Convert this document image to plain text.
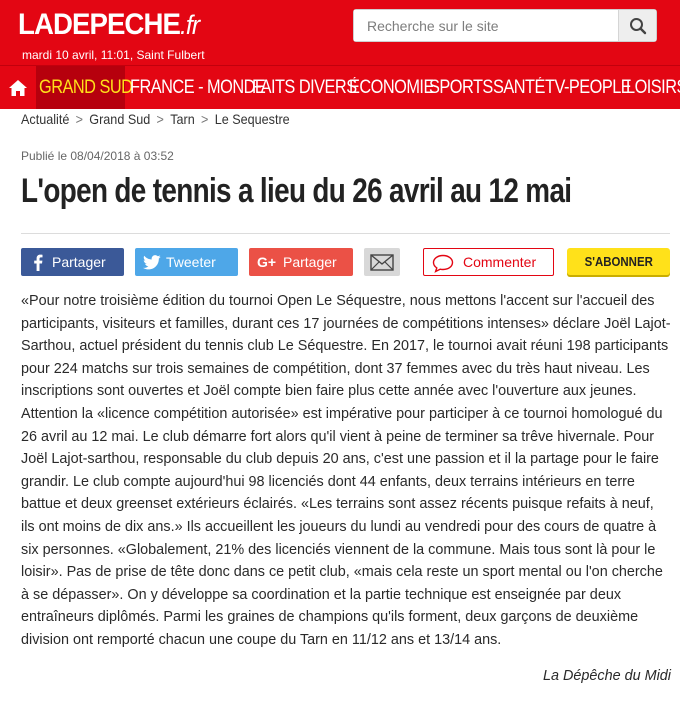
LADEPECHE.fr
mardi 10 avril, 11:01, Saint Fulbert
Recherche sur le site
GRAND SUD
FRANCE - MONDE
FAITS DIVERS
ÉCONOMIE
SPORTS SANTÉ TV-PEOPLE
LOISIRS
Actualité > Grand Sud > Tarn > Le Sequestre
Publié le 08/04/2018 à 03:52
L'open de tennis a lieu du 26 avril au 12 mai
Partager	Tweeter	G+ Partager	Commenter	S'ABONNER

«Pour notre troisième édition du tournoi Open Le Séquestre, nous mettons l'accent sur l'accueil des participants, visiteurs et familles, durant ces 17 journées de compétitions intenses» déclare Joël Lajot-Sarthou, actuel président du tennis club Le Séquestre. En 2017, le tournoi avait réuni 198 participants pour 224 matchs sur trois semaines de compétition, dont 37 femmes avec du très haut niveau. Les inscriptions sont ouvertes et Joël compte bien faire plus cette année avec l'ouverture aux jeunes. Attention la «licence compétition autorisée» est impérative pour participer à ce tournoi homologué du 26 avril au 12 mai. Le club démarre fort alors qu'il vient à peine de terminer sa trêve hivernale. Pour Joël Lajot-sarthou, responsable du club depuis 20 ans, c'est une passion et il la partage pour le faire grandir. Le club compte aujourd'hui 98 licenciés dont 44 enfants, deux terrains intérieurs en terre battue et deux greenset extérieurs éclairés. «Les terrains sont assez récents puisque refaits à neuf, ils ont moins de dix ans.» Ils accueillent les joueurs du lundi au vendredi pour des cours de quatre à six personnes. «Globalement, 21% des licenciés viennent de la commune. Mais tous sont là pour le loisir». Pas de prise de tête donc dans ce petit club, «mais cela reste un sport mental ou l'on cherche à se dépasser». On y développe sa coordination et la partie technique est enseignée par deux entraîneurs diplômés. Parmi les graines de champions qu'ils forment, deux garçons de deuxième division ont remporté chacun une coupe du Tarn en 11/12 ans et 13/14 ans.

La Dépêche du Midi
